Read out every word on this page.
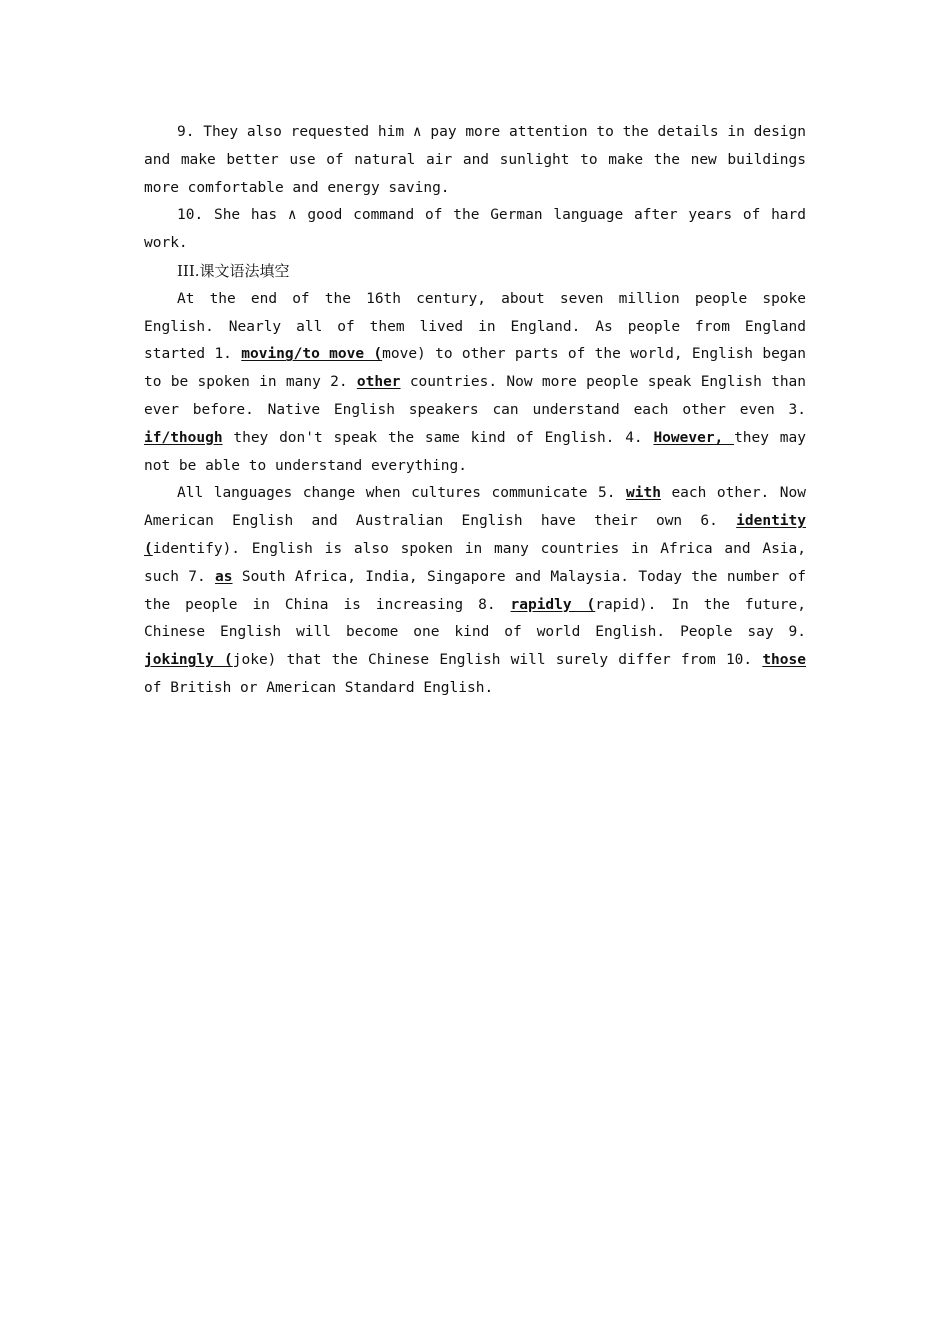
9. They also requested him ∧ pay more attention to the details in design and make better use of natural air and sunlight to make the new buildings more comfortable and energy saving.

10. She has ∧ good command of the German language after years of hard work.

III.课文语法填空

At the end of the 16th century, about seven million people spoke English. Nearly all of them lived in England. As people from England started 1. moving/to move (move) to other parts of the world, English began to be spoken in many 2. other countries. Now more people speak English than ever before. Native English speakers can understand each other even 3. if/though they don't speak the same kind of English. 4. However, they may not be able to understand everything.

All languages change when cultures communicate 5. with each other. Now American English and Australian English have their own 6. identity (identify). English is also spoken in many countries in Africa and Asia, such 7. as South Africa, India, Singapore and Malaysia. Today the number of the people in China is increasing 8. rapidly (rapid). In the future, Chinese English will become one kind of world English. People say 9. jokingly (joke) that the Chinese English will surely differ from 10. those of British or American Standard English.
